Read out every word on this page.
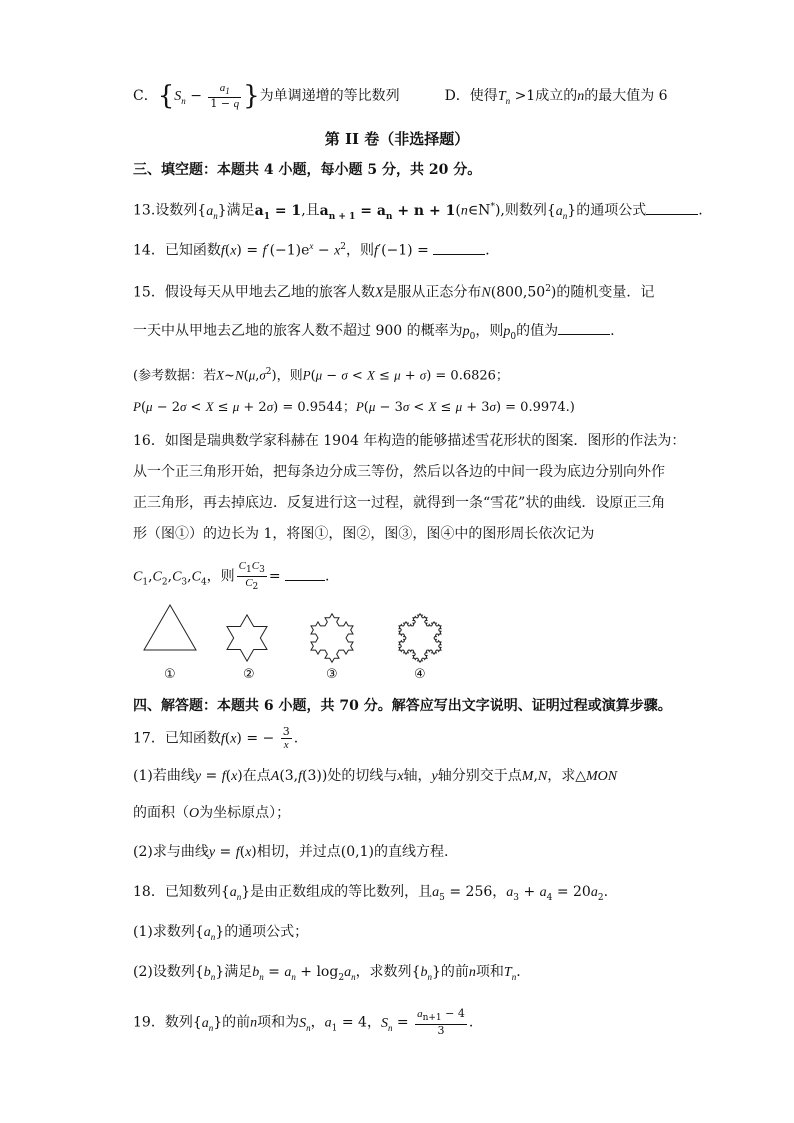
C．{$S_n - \frac{a_1}{1 - q}$ }为单调递增的等比数列	D．使得$T_n >1$成立的n的最大值为 6
第 II 卷（非选择题）
三、填空题：本题共 4 小题，每小题 5 分，共 20 分。
13.设数列$\{a_n\}$满足$a_1 = 1$,且$a_{n + 1} = a_n + n$ + 1(n∈N*),则数列$\{a_n\}$的通项公式	.
14．已知函数$f(x) = f'(-1)e^x - x^2$，则f′(−1) =	．
15．假设每天从甲地去乙地的旅客人数X是服从正态分布N(800,50$^2$)的随机变量．记
一天中从甲地去乙地的旅客人数不超过 900 的概率为$p_0$，则$p_0$的值为	.
(参考数据：若$X\sim N(\mu,\sigma^2)$，则P(μ − σ < X ≤ μ + σ) = 0.6826；
P(μ − 2σ < X ≤ μ + 2σ) = 0.9544；P(μ − 3σ < X ≤ μ + 3σ) = 0.9974.)
16．如图是瑞典数学家科赫在 1904 年构造的能够描述雪花形状的图案．图形的作法为：
从一个正三角形开始，把每条边分成三等份，然后以各边的中间一段为底边分别向外作
正三角形，再去掉底边．反复进行这一过程，就得到一条“雪花”状的曲线．设原正三角
形（图①）的边长为 1，将图①，图②，图③，图④中的图形周长依次记为
$C_1,C_2,C_3,C_4$，则 $\frac{C_1C_3}{C_2}$ =	.
①	②	③	④
四、解答题：本题共 6 小题，共 70 分。解答应写出文字说明、证明过程或演算步骤。
17．已知函数f(x) = − $\frac{3}{x}$ .
(1)若曲线y = f(x)在点A(3,f(3))处的切线与x轴，y轴分别交于点M,N，求△MON
的面积（O为坐标原点）；
(2)求与曲线y = f(x)相切，并过点(0,1)的直线方程.
18．已知数列$\{a_n\}$是由正数组成的等比数列，且$a_5 = 256$，$a_3 + a_4 = 20a_2$.
(1)求数列$\{a_n\}$的通项公式；
(2)设数列$\{b_n\}$满足$b_n = a_n + \log_2a_n$，求数列$\{b_n\}$的前n项和$T_n$.
19．数列$\{a_n\}$的前n项和为$S_n$，$a_1 = 4$，$S_n = \frac{a_{n+1} - 4}{3}$ .
